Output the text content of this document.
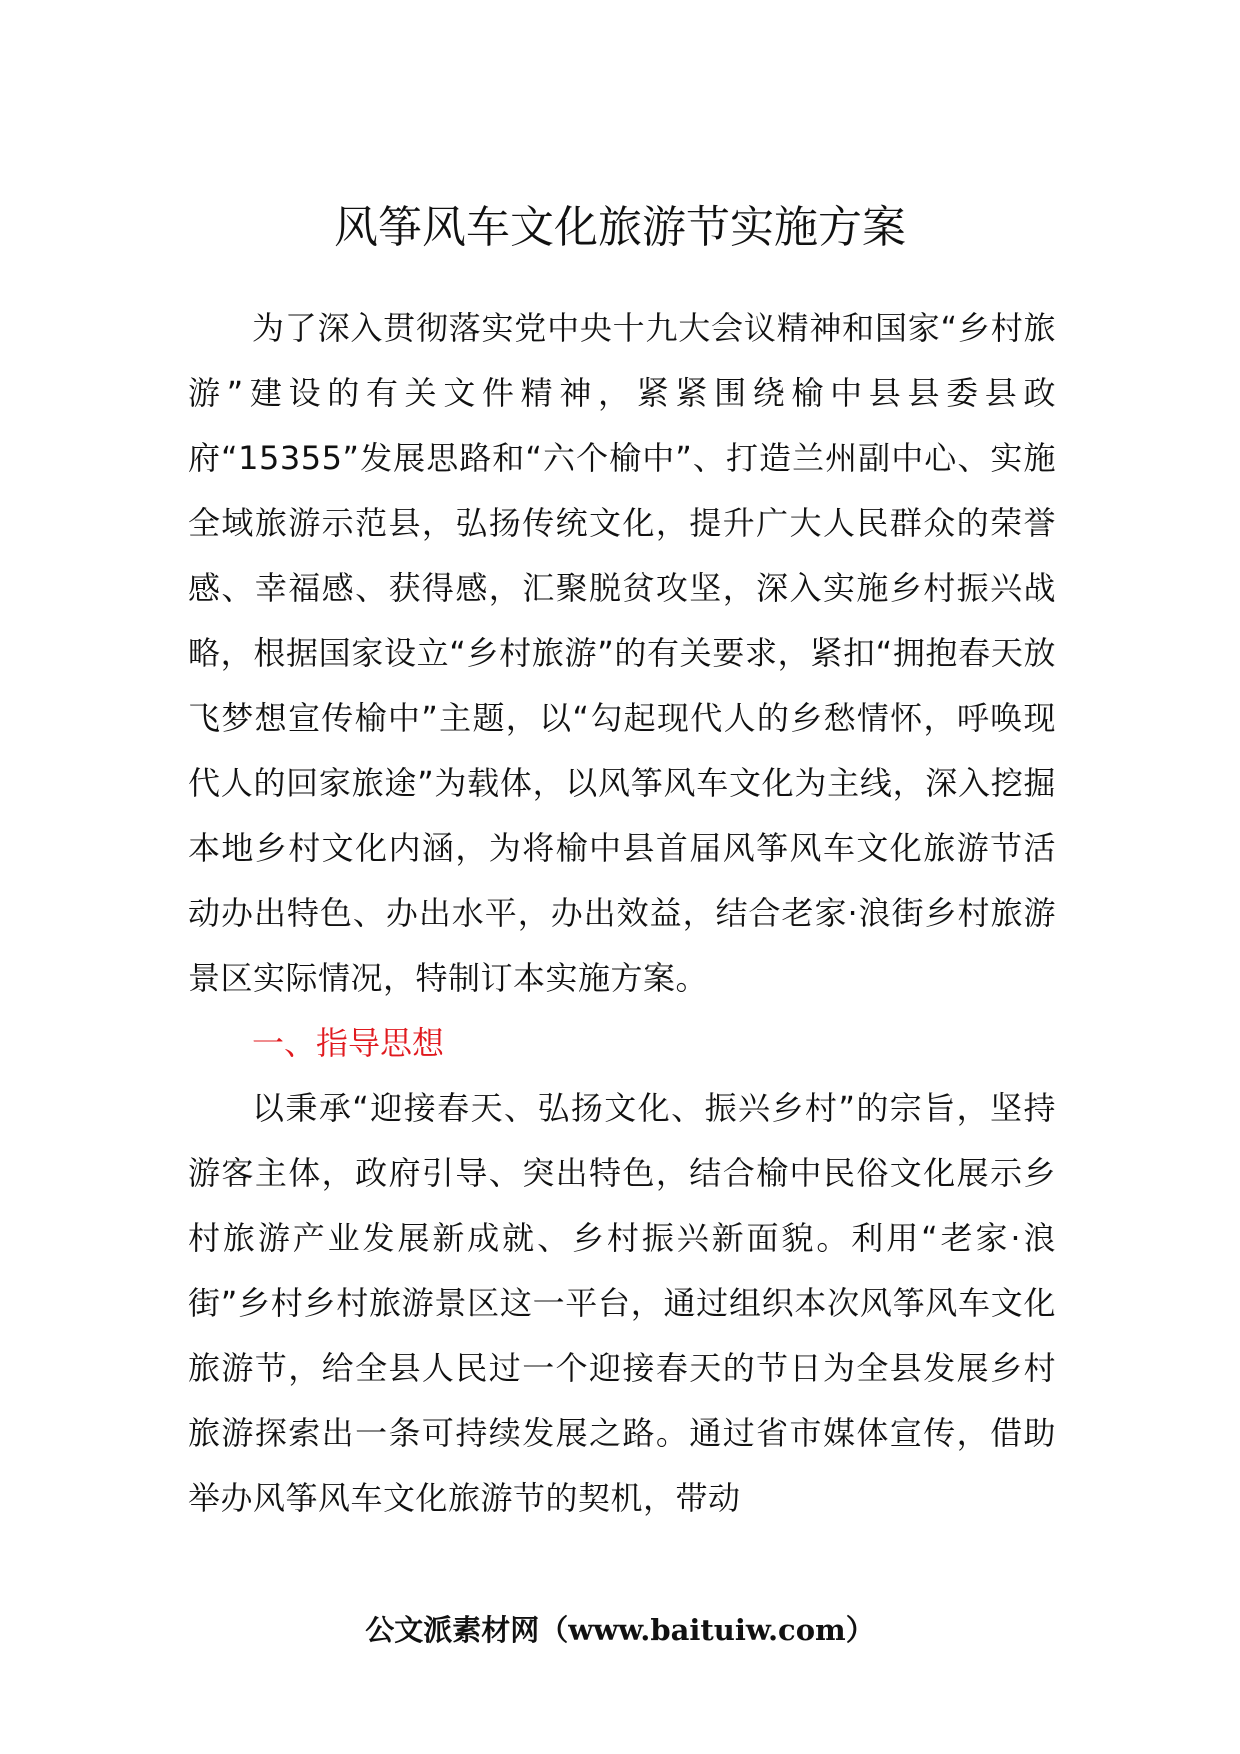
风筝风车文化旅游节实施方案

为了深入贯彻落实党中央十九大会议精神和国家“乡村旅游”建设的有关文件精神，紧紧围绕榆中县县委县政府“15355”发展思路和“六个榆中”、打造兰州副中心、实施全域旅游示范县，弘扬传统文化，提升广大人民群众的荣誉感、幸福感、获得感，汇聚脱贫攻坚，深入实施乡村振兴战略，根据国家设立“乡村旅游”的有关要求，紧扣“拥抱春天放飞梦想宣传榆中”主题，以“勾起现代人的乡愁情怀，呼唤现代人的回家旅途”为载体，以风筝风车文化为主线，深入挖掘本地乡村文化内涵，为将榆中县首届风筝风车文化旅游节活动办出特色、办出水平，办出效益，结合老家·浪街乡村旅游景区实际情况，特制订本实施方案。

一、指导思想

以秉承“迎接春天、弘扬文化、振兴乡村”的宗旨，坚持游客主体，政府引导、突出特色，结合榆中民俗文化展示乡村旅游产业发展新成就、乡村振兴新面貌。利用“老家·浪街”乡村乡村旅游景区这一平台，通过组织本次风筝风车文化旅游节，给全县人民过一个迎接春天的节日为全县发展乡村旅游探索出一条可持续发展之路。通过省市媒体宣传，借助举办风筝风车文化旅游节的契机，带动

公文派素材网（www.baituiw.com）
